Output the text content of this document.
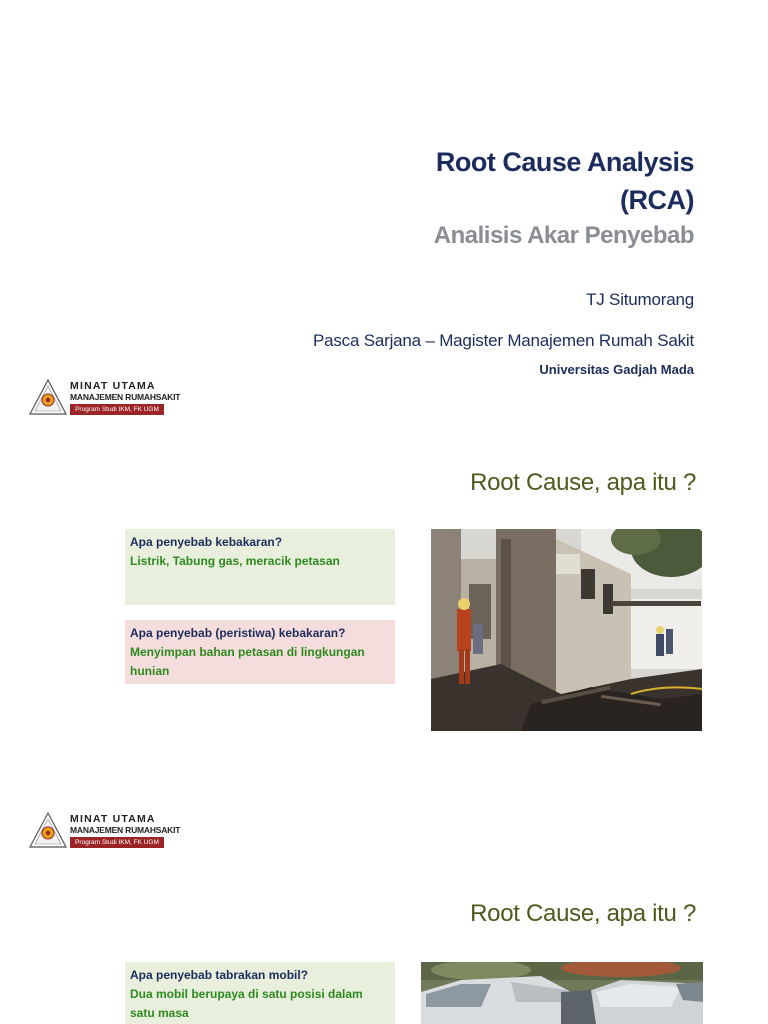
Root Cause Analysis
(RCA)
Analisis Akar Penyebab
TJ Situmorang
Pasca Sarjana – Magister Manajemen Rumah Sakit
Universitas Gadjah Mada
MINAT UTAMA
MANAJEMEN RUMAHSAKIT
Program Studi IKM, FK UGM
Root Cause, apa itu ?
Apa penyebab kebakaran?
Listrik, Tabung gas, meracik petasan
Apa penyebab (peristiwa) kebakaran?
Menyimpan bahan petasan di lingkungan hunian
MINAT UTAMA
MANAJEMEN RUMAHSAKIT
Program Studi IKM, FK UGM
Root Cause, apa itu ?
Apa penyebab tabrakan mobil?
Dua mobil berupaya di satu posisi dalam satu masa
